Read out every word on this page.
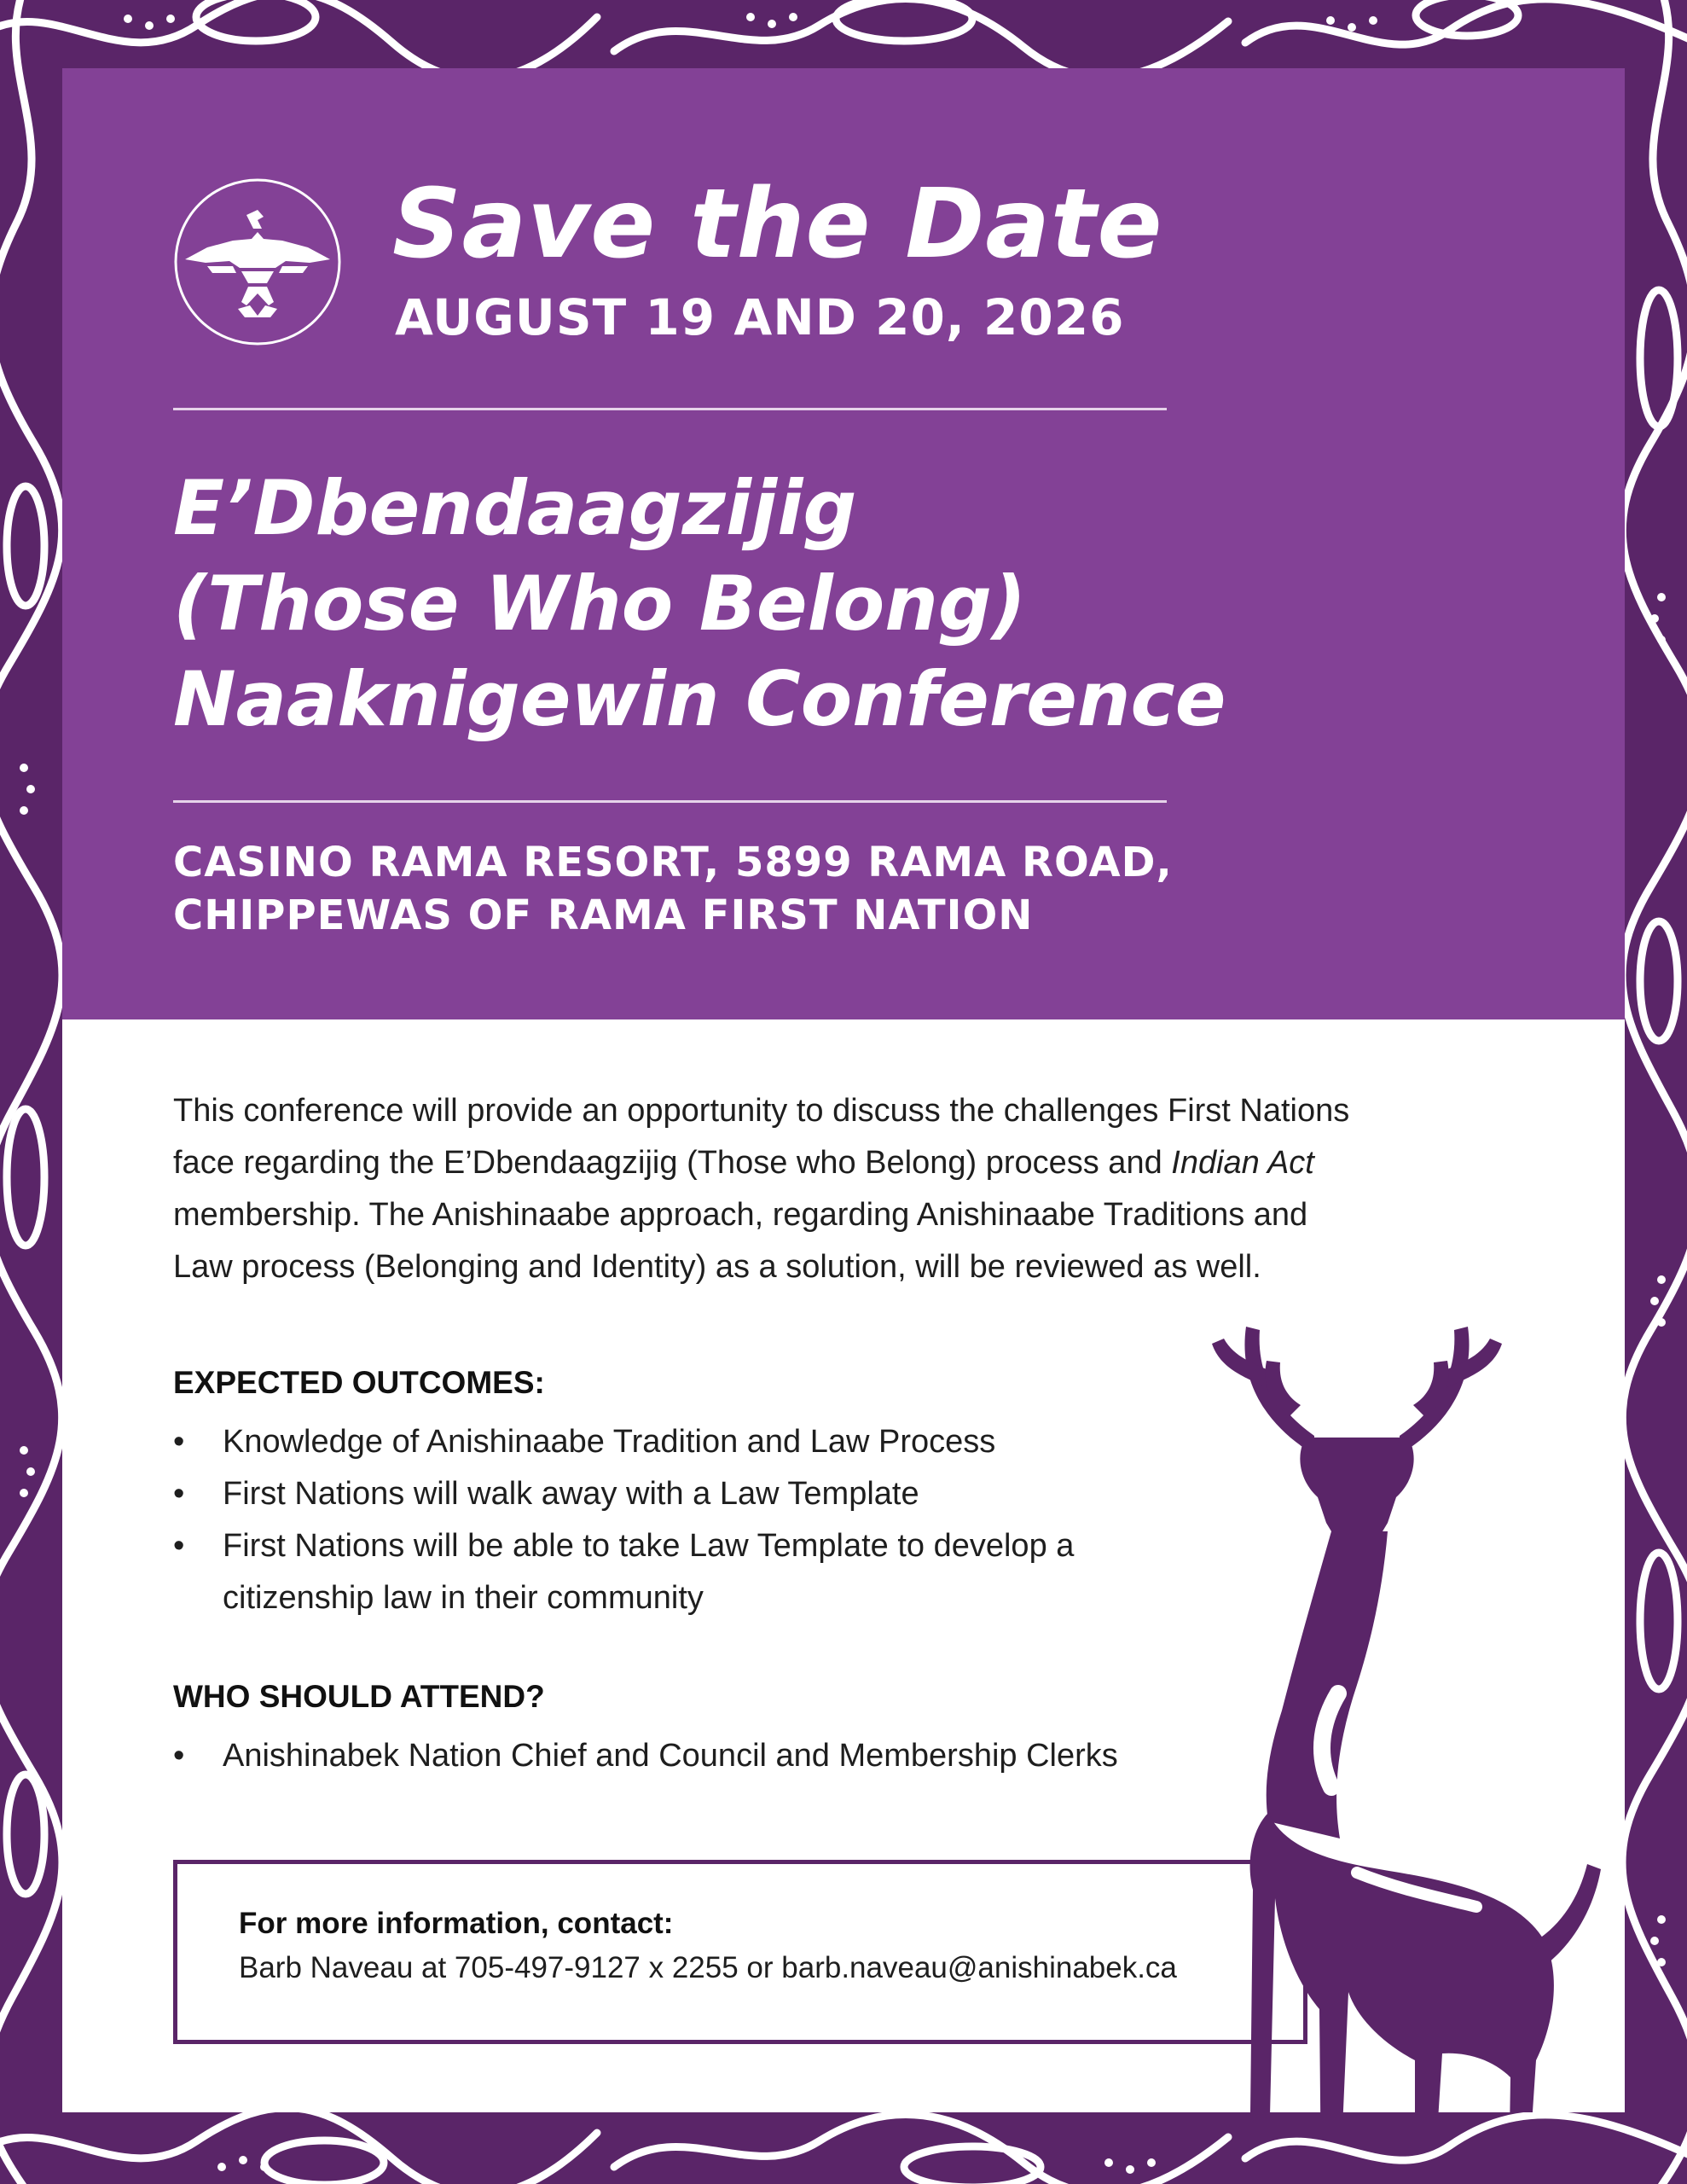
Save the Date
AUGUST 19 AND 20, 2026
E’Dbendaagzijig
(Those Who Belong)
Naaknigewin Conference
CASINO RAMA RESORT, 5899 RAMA ROAD,
CHIPPEWAS OF RAMA FIRST NATION
This conference will provide an opportunity to discuss the challenges First Nations
face regarding the E’Dbendaagzijig (Those who Belong) process and Indian Act
membership. The Anishinaabe approach, regarding Anishinaabe Traditions and
Law process (Belonging and Identity) as a solution, will be reviewed as well.
EXPECTED OUTCOMES:
• Knowledge of Anishinaabe Tradition and Law Process
• First Nations will walk away with a Law Template
• First Nations will be able to take Law Template to develop a
citizenship law in their community
WHO SHOULD ATTEND?
• Anishinabek Nation Chief and Council and Membership Clerks
For more information, contact:
Barb Naveau at 705-497-9127 x 2255 or barb.naveau@anishinabek.ca
